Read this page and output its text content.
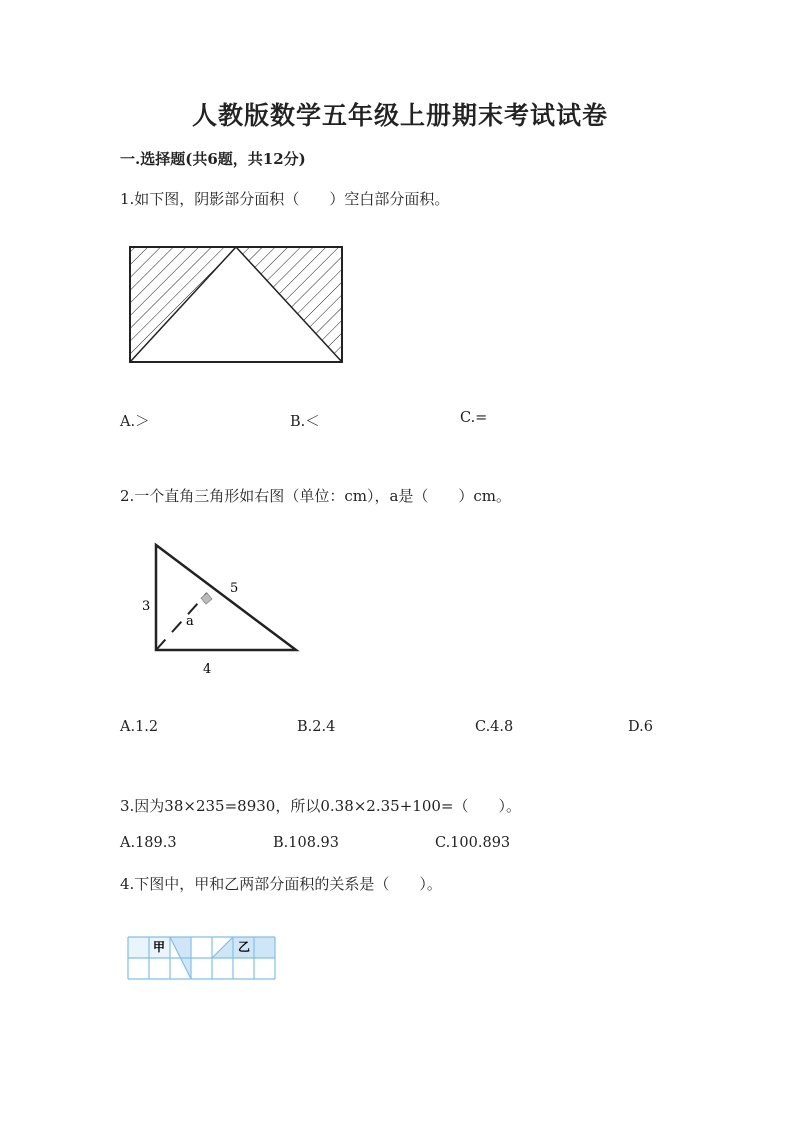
人教版数学五年级上册期末考试试卷
一.选择题(共6题，共12分)
1.如下图，阴影部分面积（　　）空白部分面积。
A.＞	B.＜	C.=
2.一个直角三角形如右图（单位：cm），a是（　　）cm。
3
4
5
a
A.1.2	B.2.4	C.4.8	D.6
3.因为38×235=8930，所以0.38×2.35+100=（　　）。
A.189.3	B.108.93	C.100.893
4.下图中，甲和乙两部分面积的关系是（　　）。
甲	乙
